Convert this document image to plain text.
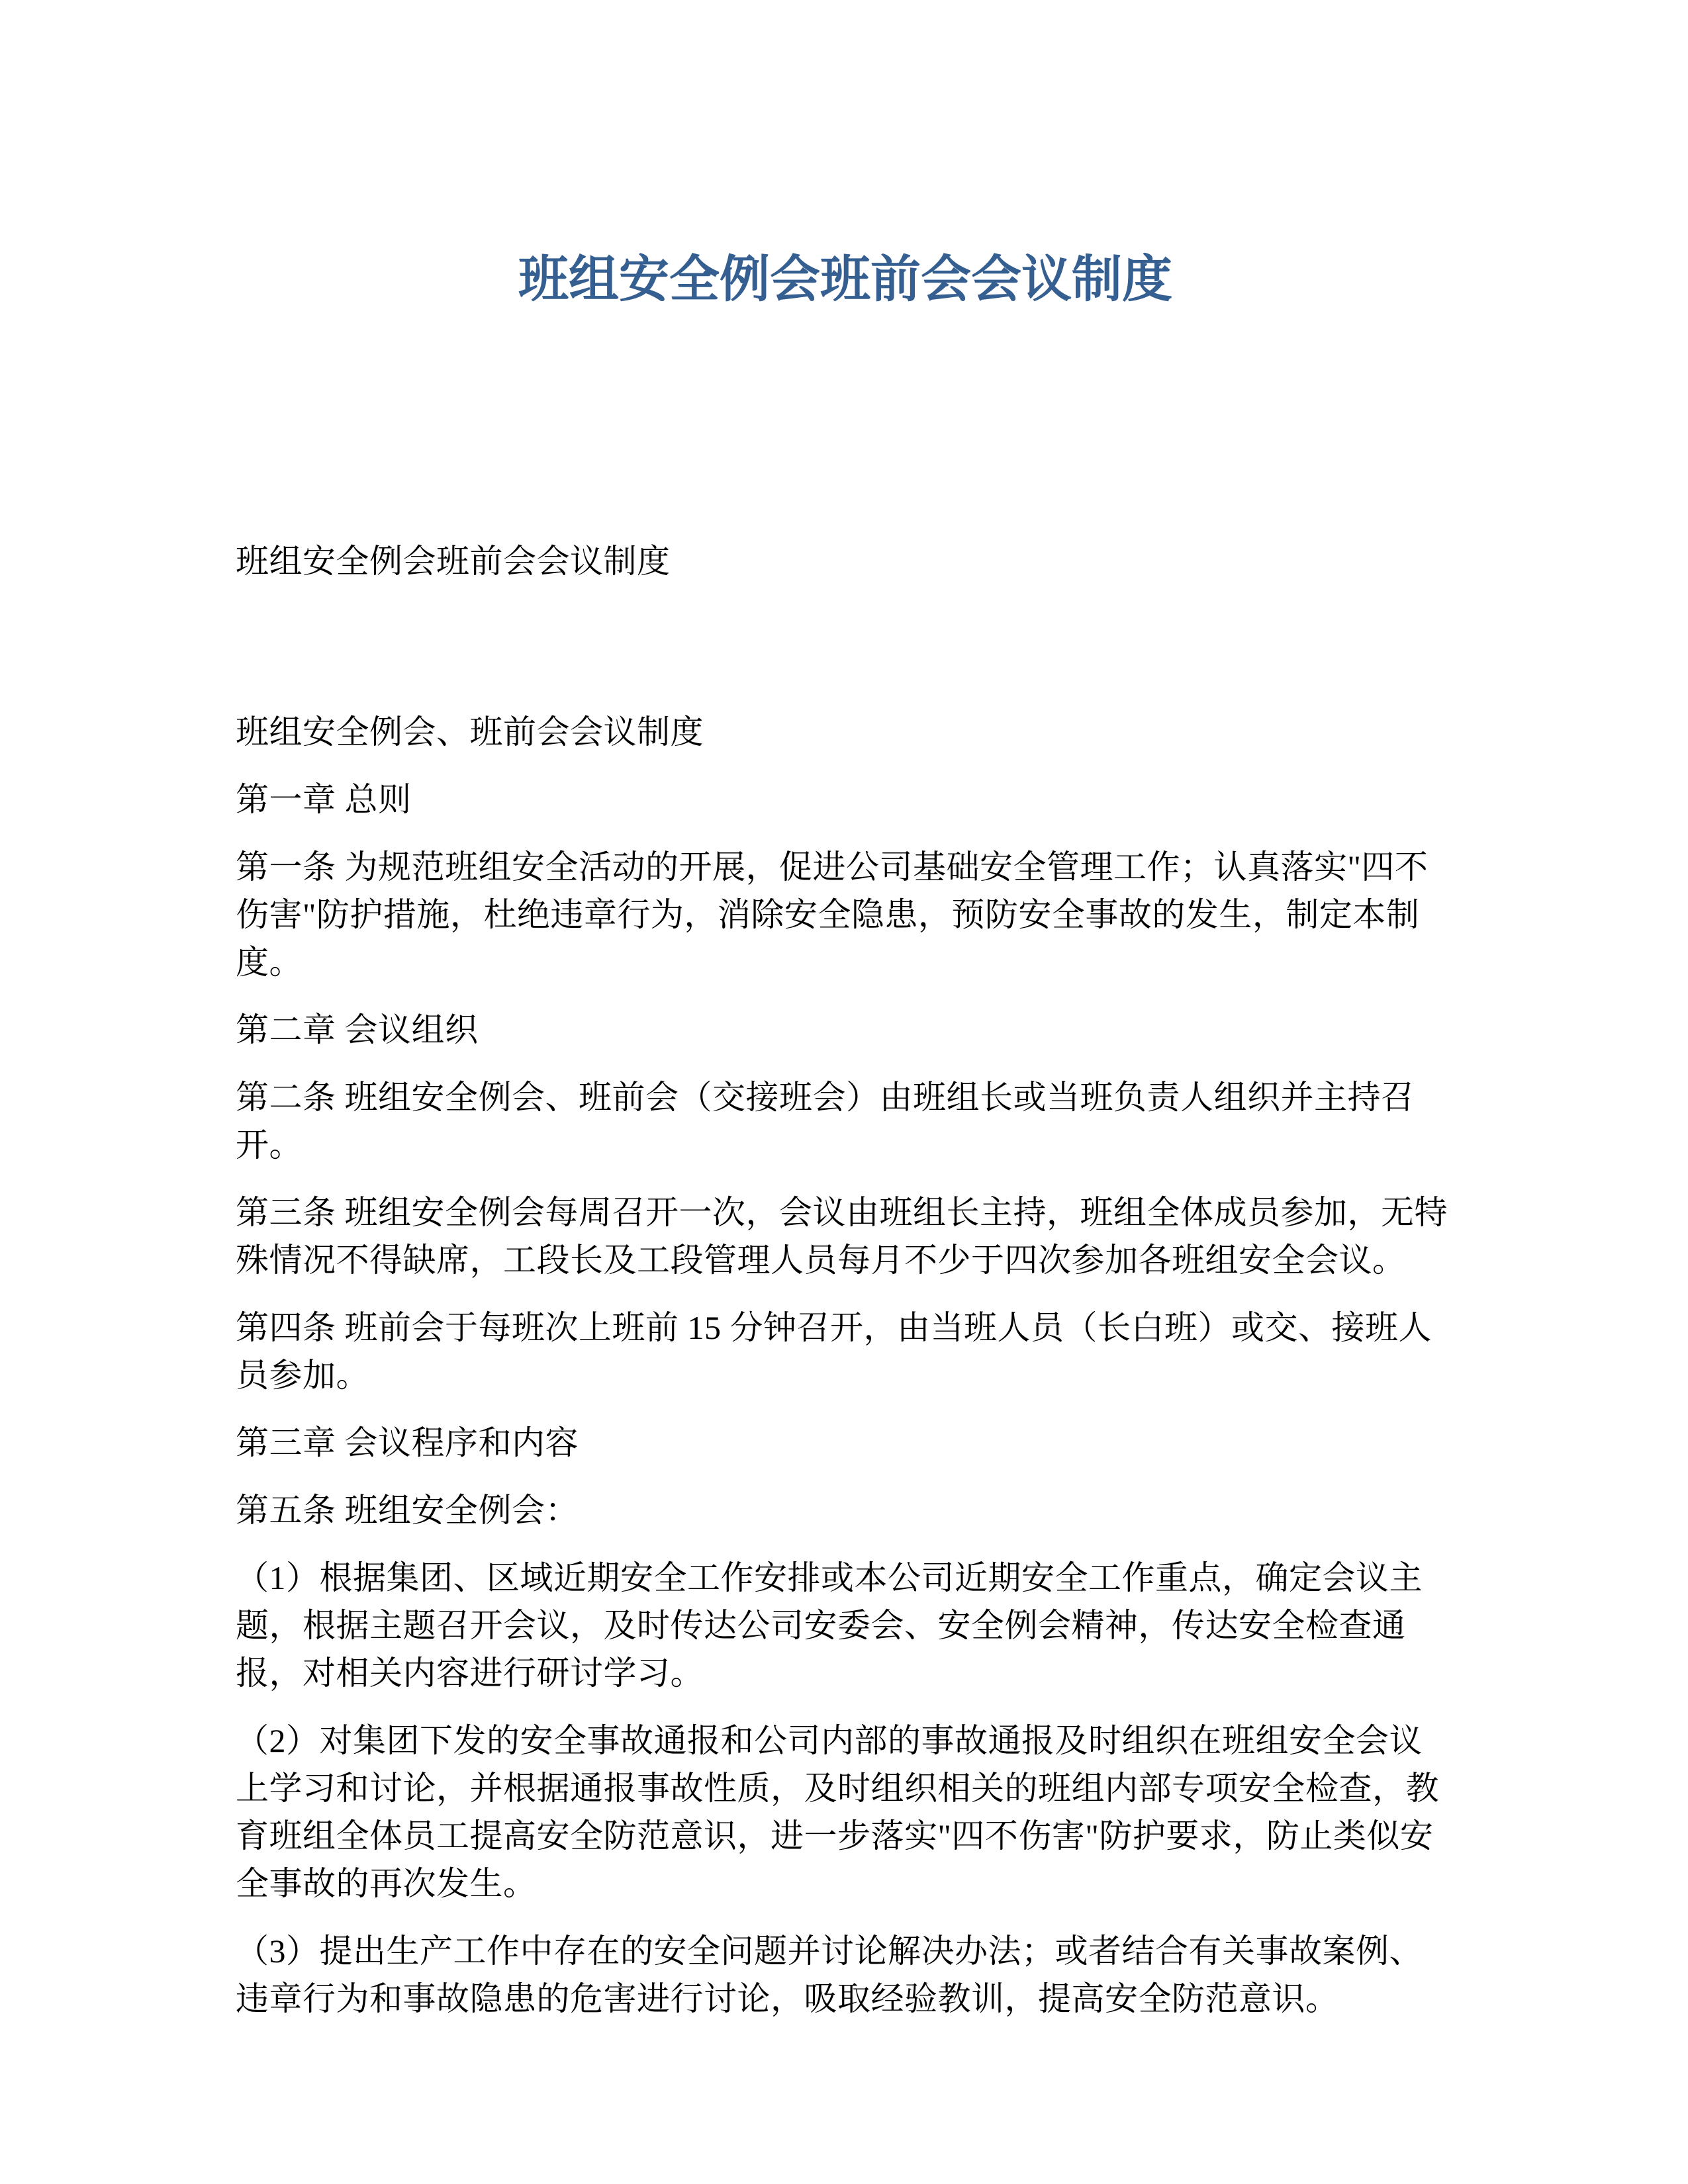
班组安全例会班前会会议制度

班组安全例会班前会会议制度

班组安全例会、班前会会议制度

第一章 总则

第一条 为规范班组安全活动的开展，促进公司基础安全管理工作；认真落实"四不伤害"防护措施，杜绝违章行为，消除安全隐患，预防安全事故的发生，制定本制度。

第二章 会议组织

第二条 班组安全例会、班前会（交接班会）由班组长或当班负责人组织并主持召开。

第三条 班组安全例会每周召开一次，会议由班组长主持，班组全体成员参加，无特殊情况不得缺席，工段长及工段管理人员每月不少于四次参加各班组安全会议。

第四条 班前会于每班次上班前 15 分钟召开，由当班人员（长白班）或交、接班人员参加。

第三章 会议程序和内容

第五条 班组安全例会：

（1）根据集团、区域近期安全工作安排或本公司近期安全工作重点，确定会议主题，根据主题召开会议，及时传达公司安委会、安全例会精神，传达安全检查通报，对相关内容进行研讨学习。

（2）对集团下发的安全事故通报和公司内部的事故通报及时组织在班组安全会议上学习和讨论，并根据通报事故性质，及时组织相关的班组内部专项安全检查，教育班组全体员工提高安全防范意识，进一步落实"四不伤害"防护要求，防止类似安全事故的再次发生。

（3）提出生产工作中存在的安全问题并讨论解决办法；或者结合有关事故案例、违章行为和事故隐患的危害进行讨论，吸取经验教训，提高安全防范意识。
